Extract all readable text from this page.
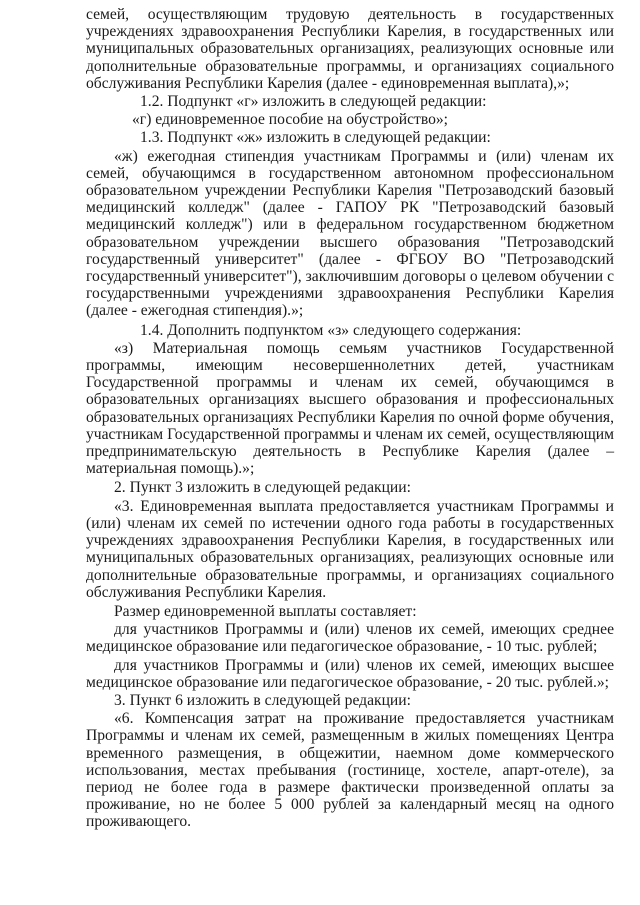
семей, осуществляющим трудовую деятельность в государственных учреждениях здравоохранения Республики Карелия, в государственных или муниципальных образовательных организациях, реализующих основные или дополнительные образовательные программы, и организациях социального обслуживания Республики Карелия (далее - единовременная выплата),»;

1.2. Подпункт «г» изложить в следующей редакции:

«г) единовременное пособие на обустройство»;

1.3. Подпункт «ж» изложить в следующей редакции:

«ж) ежегодная стипендия участникам Программы и (или) членам их семей, обучающимся в государственном автономном профессиональном образовательном учреждении Республики Карелия "Петрозаводский базовый медицинский колледж" (далее - ГАПОУ РК "Петрозаводский базовый медицинский колледж") или в федеральном государственном бюджетном образовательном учреждении высшего образования "Петрозаводский государственный университет" (далее - ФГБОУ ВО "Петрозаводский государственный университет"), заключившим договоры о целевом обучении с государственными учреждениями здравоохранения Республики Карелия (далее - ежегодная стипендия).»;

1.4. Дополнить подпунктом «з» следующего содержания:

«з) Материальная помощь семьям участников Государственной программы, имеющим несовершеннолетних детей, участникам Государственной программы и членам их семей, обучающимся в образовательных организациях высшего образования и профессиональных образовательных организациях Республики Карелия по очной форме обучения, участникам Государственной программы и членам их семей, осуществляющим предпринимательскую деятельность в Республике Карелия (далее – материальная помощь).»;

2. Пункт 3 изложить в следующей редакции:

«3. Единовременная выплата предоставляется участникам Программы и (или) членам их семей по истечении одного года работы в государственных учреждениях здравоохранения Республики Карелия, в государственных или муниципальных образовательных организациях, реализующих основные или дополнительные образовательные программы, и организациях социального обслуживания Республики Карелия.

Размер единовременной выплаты составляет:

для участников Программы и (или) членов их семей, имеющих среднее медицинское образование или педагогическое образование, - 10 тыс. рублей;

для участников Программы и (или) членов их семей, имеющих высшее медицинское образование или педагогическое образование, - 20 тыс. рублей.»;

3. Пункт 6 изложить в следующей редакции:

«6. Компенсация затрат на проживание предоставляется участникам Программы и членам их семей, размещенным в жилых помещениях Центра временного размещения, в общежитии, наемном доме коммерческого использования, местах пребывания (гостинице, хостеле, апарт-отеле), за период не более года в размере фактически произведенной оплаты за проживание, но не более 5 000 рублей за календарный месяц на одного проживающего.
